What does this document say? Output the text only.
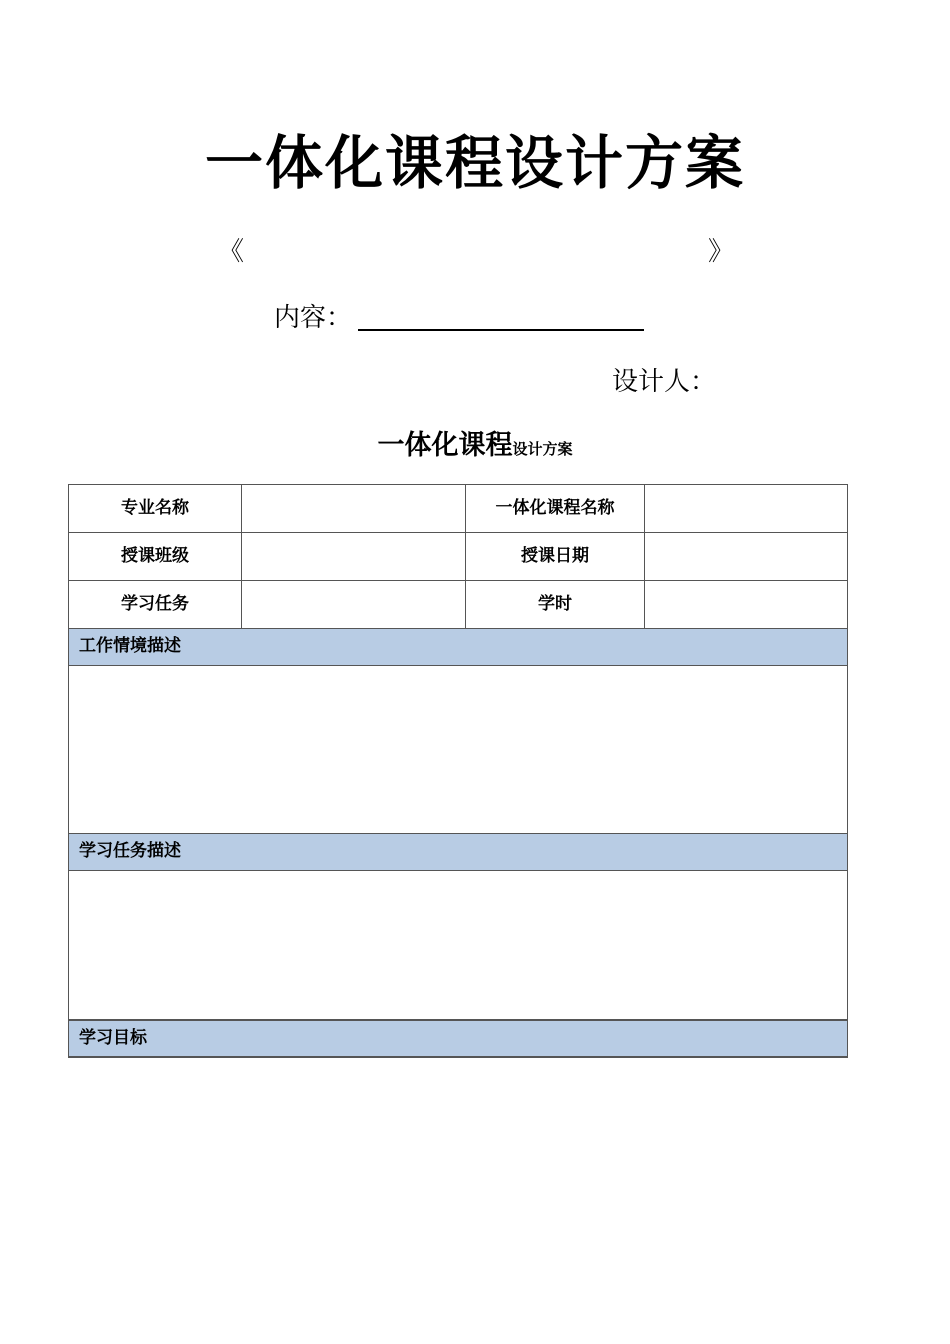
一体化课程设计方案
《	》
内容：
设计人：
一体化课程设计方案
专业名称		一体化课程名称	
授课班级		授课日期	
学习任务		学时	
工作情境描述			

学习任务描述			

学习目标			
